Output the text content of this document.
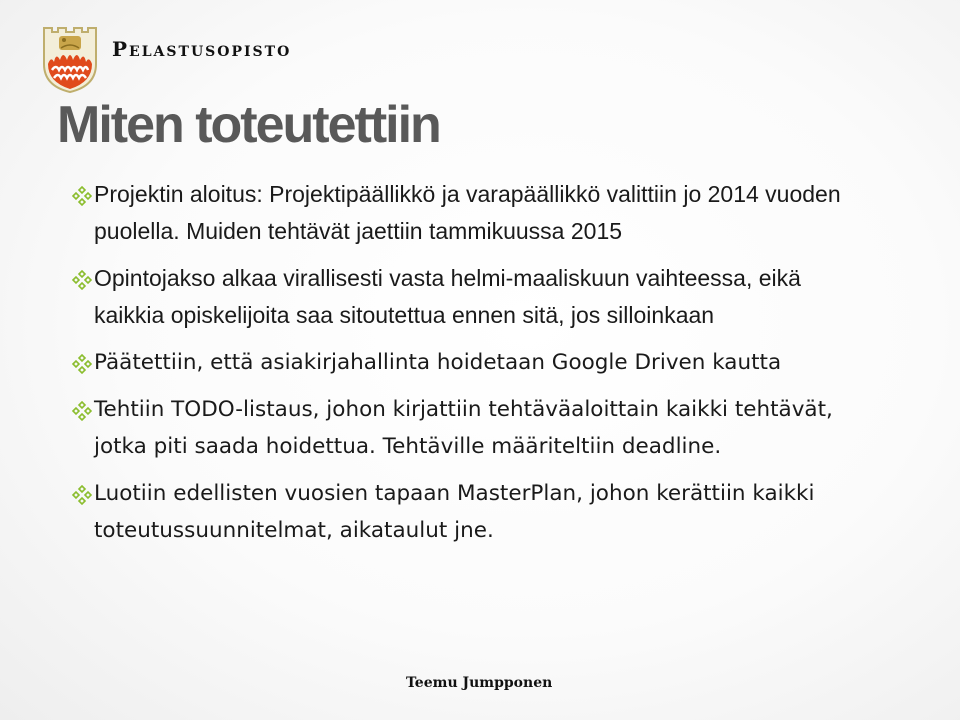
Pelastusopisto
Miten toteutettiin
Projektin aloitus: Projektipäällikkö ja varapäällikkö valittiin jo 2014 vuoden puolella. Muiden tehtävät jaettiin tammikuussa 2015
Opintojakso alkaa virallisesti vasta helmi-maaliskuun vaihteessa, eikä kaikkia opiskelijoita saa sitoutettua ennen sitä, jos silloinkaan
Päätettiin, että asiakirjahallinta hoidetaan Google Driven kautta
Tehtiin TODO-listaus, johon kirjattiin tehtäväaloittain kaikki tehtävät, jotka piti saada hoidettua. Tehtäville määriteltiin deadline.
Luotiin edellisten vuosien tapaan MasterPlan, johon kerättiin kaikki toteutussuunnitelmat, aikataulut jne.
Teemu Jumpponen
